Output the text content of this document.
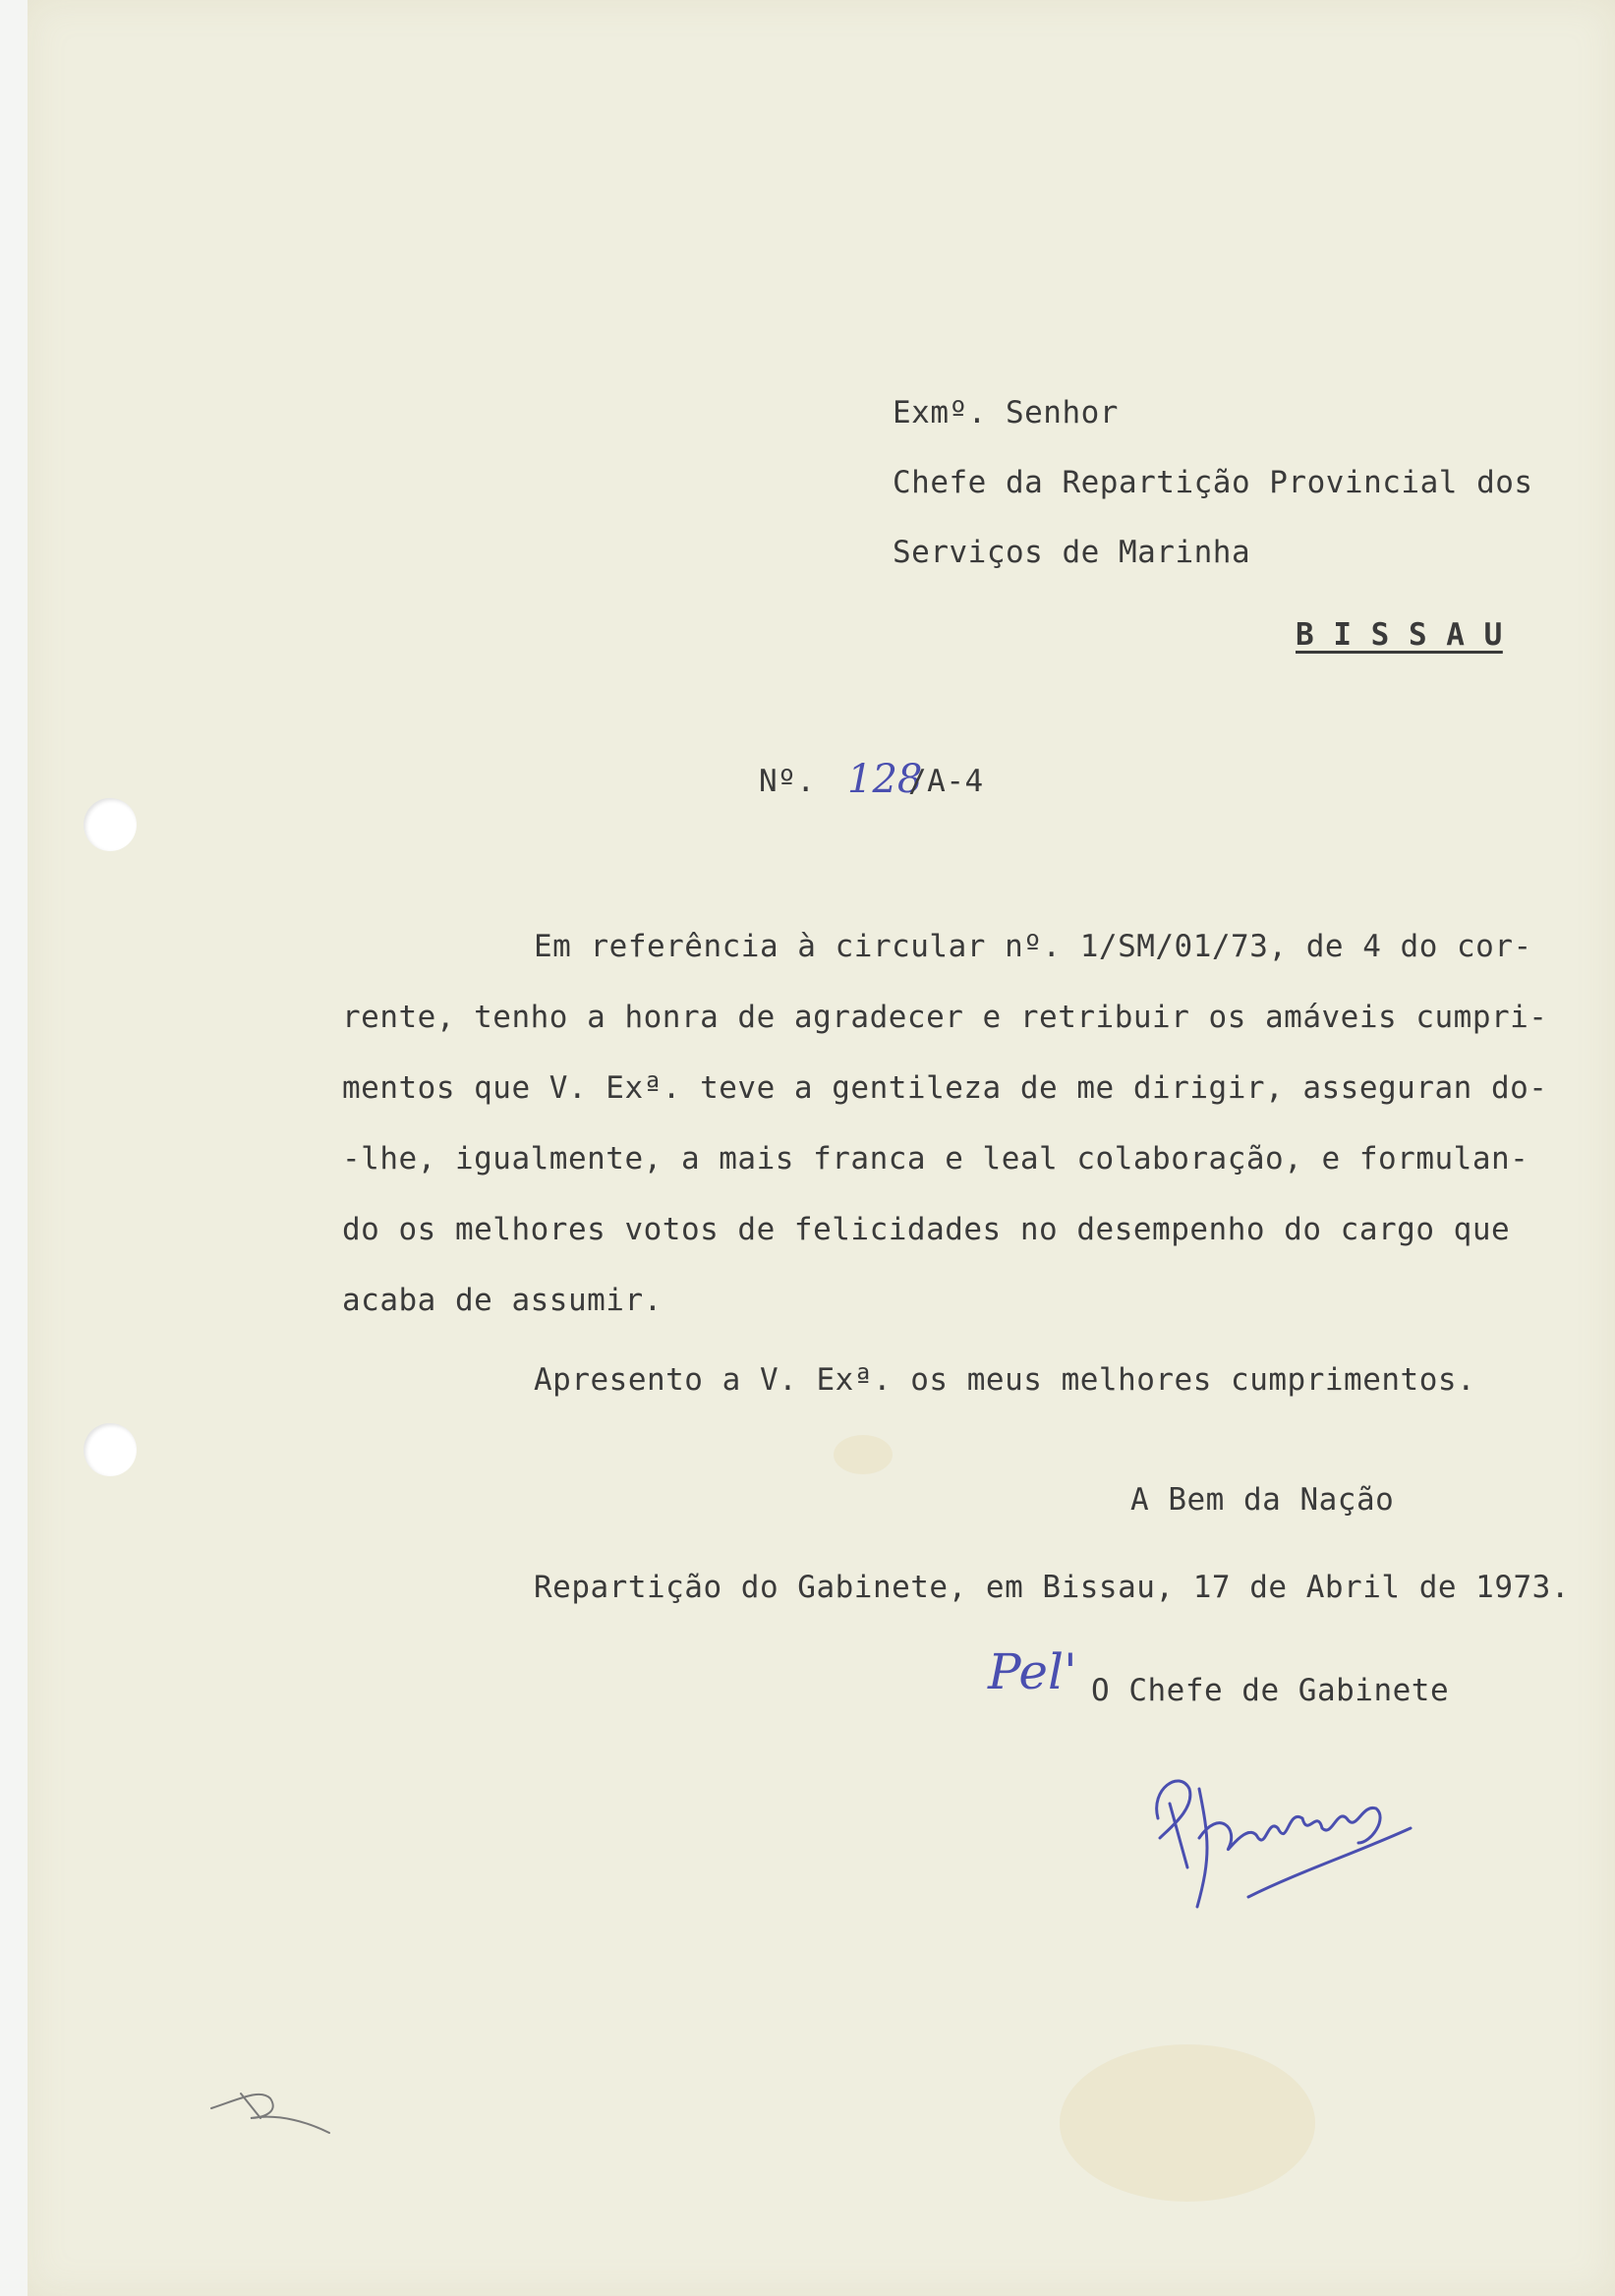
Exmº. Senhor
Chefe da Repartição Provincial dos
Serviços de Marinha
B I S S A U
Nº. 128
/A-4
Em referência à circular nº. 1/SM/01/73, de 4 do cor-
rente, tenho a honra de agradecer e retribuir os amáveis cumpri-
mentos que V. Exª. teve a gentileza de me dirigir, asseguran do-
-lhe, igualmente, a mais franca e leal colaboração, e formulan-
do os melhores votos de felicidades no desempenho do cargo que
acaba de assumir.
Apresento a V. Exª. os meus melhores cumprimentos.
A Bem da Nação
Repartição do Gabinete, em Bissau, 17 de Abril de 1973.
Pel' O Chefe de Gabinete
